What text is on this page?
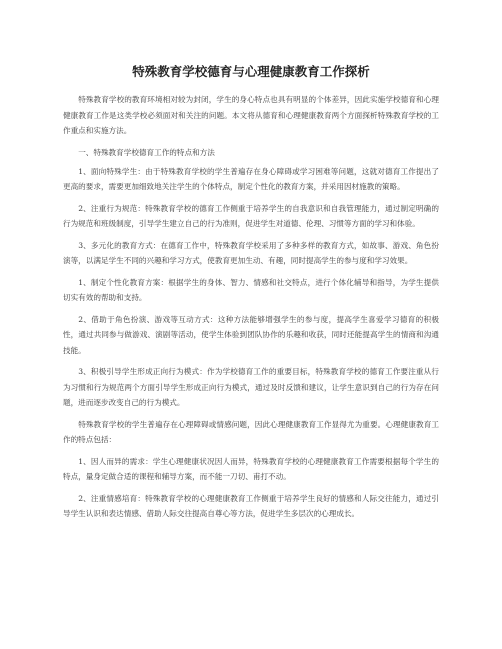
特殊教育学校德育与心理健康教育工作探析

特殊教育学校的教育环境相对较为封闭，学生的身心特点也具有明显的个体差异，因此实施学校德育和心理健康教育工作是这类学校必须面对和关注的问题。本文将从德育和心理健康教育两个方面探析特殊教育学校的工作重点和实施方法。

一、特殊教育学校德育工作的特点和方法

1、面向特殊学生：由于特殊教育学校的学生普遍存在身心障碍或学习困难等问题，这就对德育工作提出了更高的要求，需要更加细致地关注学生的个体特点，制定个性化的教育方案，并采用因材施教的策略。

2、注重行为规范：特殊教育学校的德育工作侧重于培养学生的自我意识和自我管理能力，通过制定明确的行为规范和班级制度，引导学生建立自己的行为准则，促进学生对道德、伦理、习惯等方面的学习和体验。

3、多元化的教育方式：在德育工作中，特殊教育学校采用了多种多样的教育方式，如故事、游戏、角色扮演等，以满足学生不同的兴趣和学习方式，使教育更加生动、有趣，同时提高学生的参与度和学习效果。

1、制定个性化教育方案：根据学生的身体、智力、情感和社交特点，进行个体化辅导和指导，为学生提供切实有效的帮助和支持。

2、借助于角色扮演、游戏等互动方式：这种方法能够增强学生的参与度，提高学生喜爱学习德育的积极性，通过共同参与做游戏、演剧等活动，使学生体验到团队协作的乐趣和收获，同时还能提高学生的情商和沟通技能。

3、积极引导学生形成正向行为模式：作为学校德育工作的重要目标，特殊教育学校的德育工作要注重从行为习惯和行为规范两个方面引导学生形成正向行为模式，通过及时反馈和建议，让学生意识到自己的行为存在问题，进而逐步改变自己的行为模式。

特殊教育学校的学生普遍存在心理障碍或情感问题，因此心理健康教育工作显得尤为重要。心理健康教育工作的特点包括：

1、因人而异的需求：学生心理健康状况因人而异，特殊教育学校的心理健康教育工作需要根据每个学生的特点，量身定做合适的课程和辅导方案，而不能一刀切、甫打不动。

2、注重情感培育：特殊教育学校的心理健康教育工作侧重于培养学生良好的情感和人际交往能力，通过引导学生认识和表达情感、借助人际交往提高自尊心等方法，促进学生多层次的心理成长。
